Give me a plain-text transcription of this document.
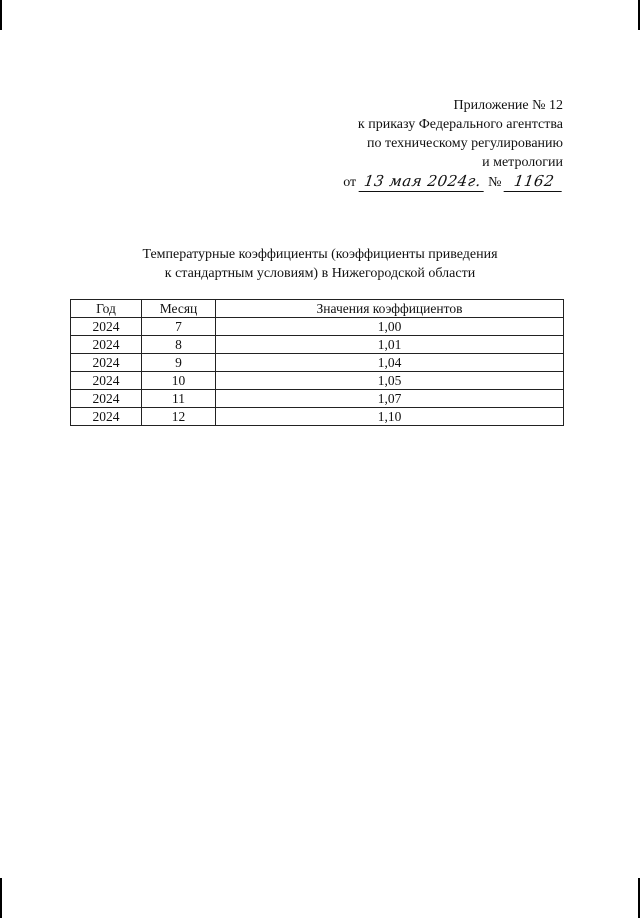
Приложение № 12
к приказу Федерального агентства
по техническому регулированию
и метрологии
от 13 мая 2024г. № 1162
Температурные коэффициенты (коэффициенты приведения
к стандартным условиям) в Нижегородской области
Год	Месяц	Значения коэффициентов
2024	7	1,00
2024	8	1,01
2024	9	1,04
2024	10	1,05
2024	11	1,07
2024	12	1,10
